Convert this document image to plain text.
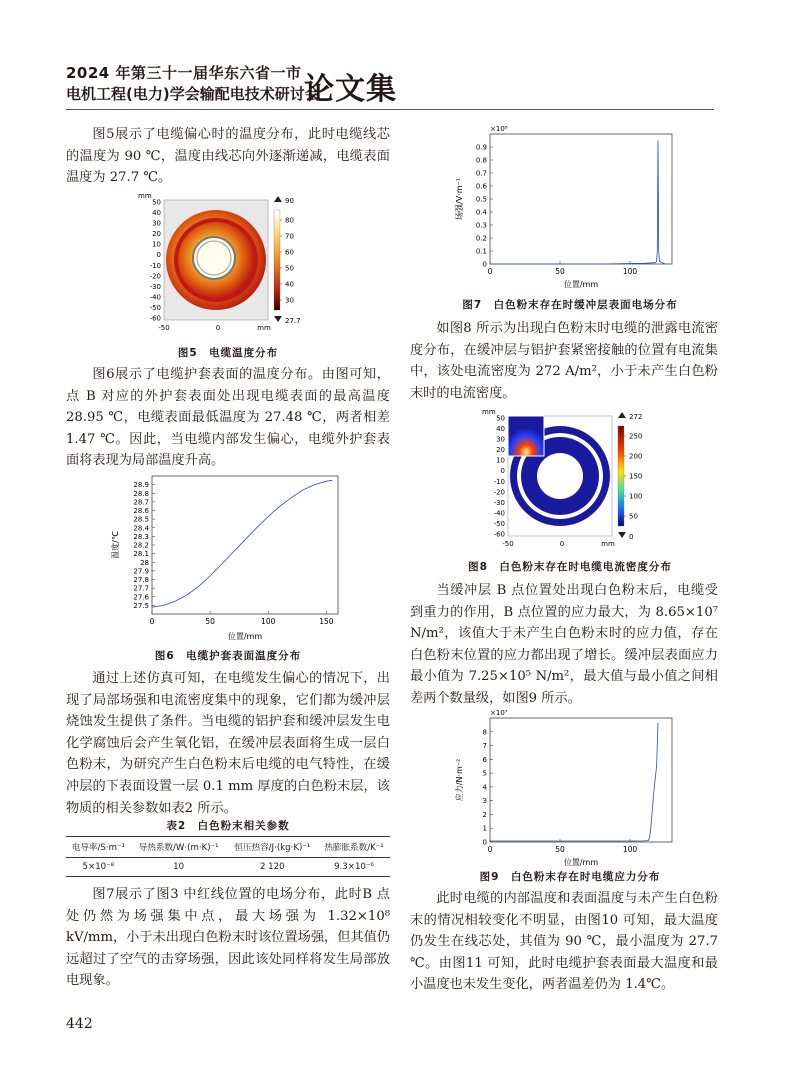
2024 年第三十一届华东六省一市
电机工程(电力)学会输配电技术研讨会
论文集

图5展示了电缆偏心时的温度分布，此时电缆线芯的温度为 90 ℃，温度由线芯向外逐渐递减，电缆表面温度为 27.7 ℃。

mm
50
40
30
20
10
0
-10
-20
-30
-40
-50
-60
-50	0	mm
90
80
70
60
50
40
30
27.7
图5　电缆温度分布

图6展示了电缆护套表面的温度分布。由图可知，点 B 对应的外护套表面处出现电缆表面的最高温度 28.95 ℃，电缆表面最低温度为 27.48 ℃，两者相差 1.47 ℃。因此，当电缆内部发生偏心，电缆外护套表面将表现为局部温度升高。

27.5
27.6
27.7
27.8
27.9
28
28.1
28.2
28.3
28.4
28.5
28.6
28.7
28.8
28.9
0	50	100	150
位置/mm
温度/℃
图6　电缆护套表面温度分布

通过上述仿真可知，在电缆发生偏心的情况下，出现了局部场强和电流密度集中的现象，它们都为缓冲层烧蚀发生提供了条件。当电缆的铝护套和缓冲层发生电化学腐蚀后会产生氧化铝，在缓冲层表面将生成一层白色粉末，为研究产生白色粉末后电缆的电气特性，在缓冲层的下表面设置一层 0.1 mm 厚度的白色粉末层，该物质的相关参数如表2 所示。

表2　白色粉末相关参数
电导率/S·m⁻¹	导热系数/W·(m·K)⁻¹	恒压热容/J·(kg·K)⁻¹	热膨胀系数/K⁻¹
5×10⁻⁸	10	2 120	9.3×10⁻⁶

图7展示了图3 中红线位置的电场分布，此时B 点处仍然为场强集中点，最大场强为 1.32×10⁸ kV/mm，小于未出现白色粉末时该位置场强，但其值仍远超过了空气的击穿场强，因此该处同样将发生局部放电现象。

442
0
0.1
0.2
0.3
0.4
0.5
0.6
0.7
0.8
0.9
0	50	100
位置/mm
场强/V·m⁻¹
×10⁸
图7　白色粉末存在时缓冲层表面电场分布

如图8 所示为出现白色粉末时电缆的泄露电流密度分布，在缓冲层与铝护套紧密接触的位置有电流集中，该处电流密度为 272 A/m²，小于未产生白色粉末时的电流密度。

mm
50
40
30
20
10
0
-10
-20
-30
-40
-50
-60
-50	0	mm
272
250
200
150
100
50
0
图8　白色粉末存在时电缆电流密度分布

当缓冲层 B 点位置处出现白色粉末后，电缆受到重力的作用，B 点位置的应力最大，为 8.65×10⁷ N/m²，该值大于未产生白色粉末时的应力值，存在白色粉末位置的应力都出现了增长。缓冲层表面应力最小值为 7.25×10⁵ N/m²，最大值与最小值之间相差两个数量级，如图9 所示。

0
1
2
3
4
5
6
7
8
0	50	100
位置/mm
应力/N·m⁻²
×10⁷
图9　白色粉末存在时电缆应力分布

此时电缆的内部温度和表面温度与未产生白色粉末的情况相较变化不明显，由图10 可知，最大温度仍发生在线芯处，其值为 90 ℃，最小温度为 27.7 ℃。由图11 可知，此时电缆护套表面最大温度和最小温度也未发生变化，两者温差仍为 1.4℃。
